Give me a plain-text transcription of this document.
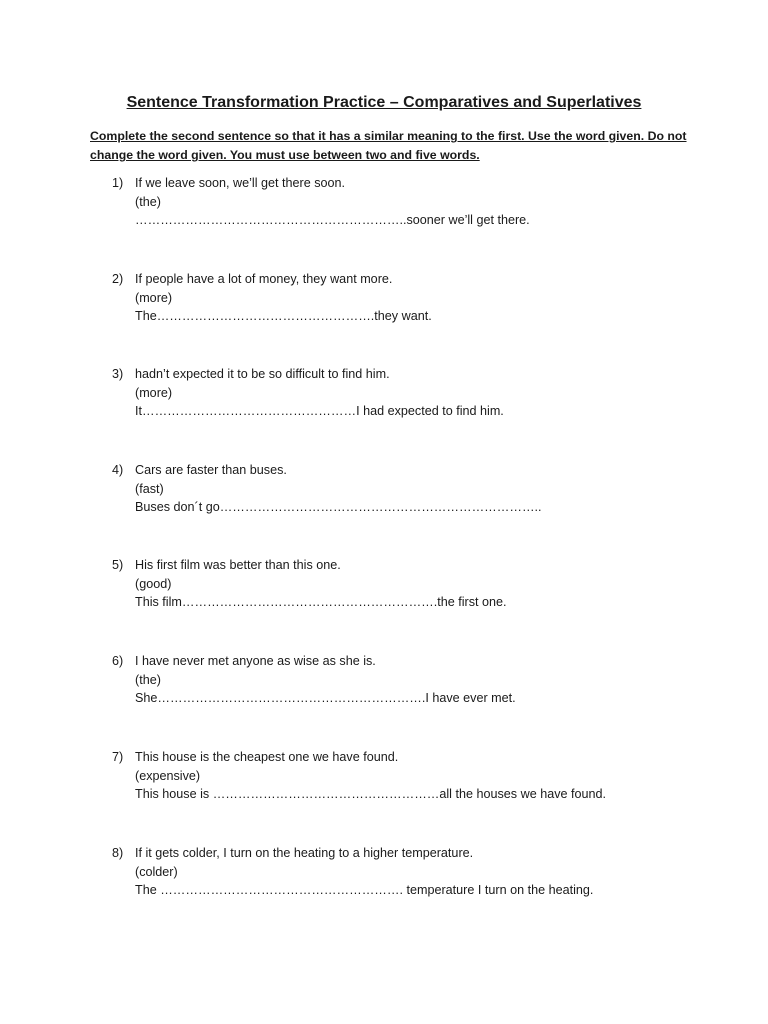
Sentence Transformation Practice – Comparatives and Superlatives
Complete the second sentence so that it has a similar meaning to the first. Use the word given. Do not change the word given. You must use between two and five words.
1) If we leave soon, we’ll get there soon.
(the)
………………………………………………………..sooner we’ll get there.
2) If people have a lot of money, they want more.
(more)
The…………………………………………….they want.
3) hadn’t expected it to be so difficult to find him.
(more)
It……………………………………………I had expected to find him.
4) Cars are faster than buses.
(fast)
Buses don´t go…………………………………………………………………..
5) His first film was better than this one.
(good)
This film…………………………………………………….the first one.
6) I have never met anyone as wise as she is.
(the)
She……………………………………………………….I have ever met.
7) This house is the cheapest one we have found.
(expensive)
This house is ………………………………………………all the houses we have found.
8) If it gets colder, I turn on the heating to a higher temperature.
(colder)
The …………………………………………………. temperature I turn on the heating.
